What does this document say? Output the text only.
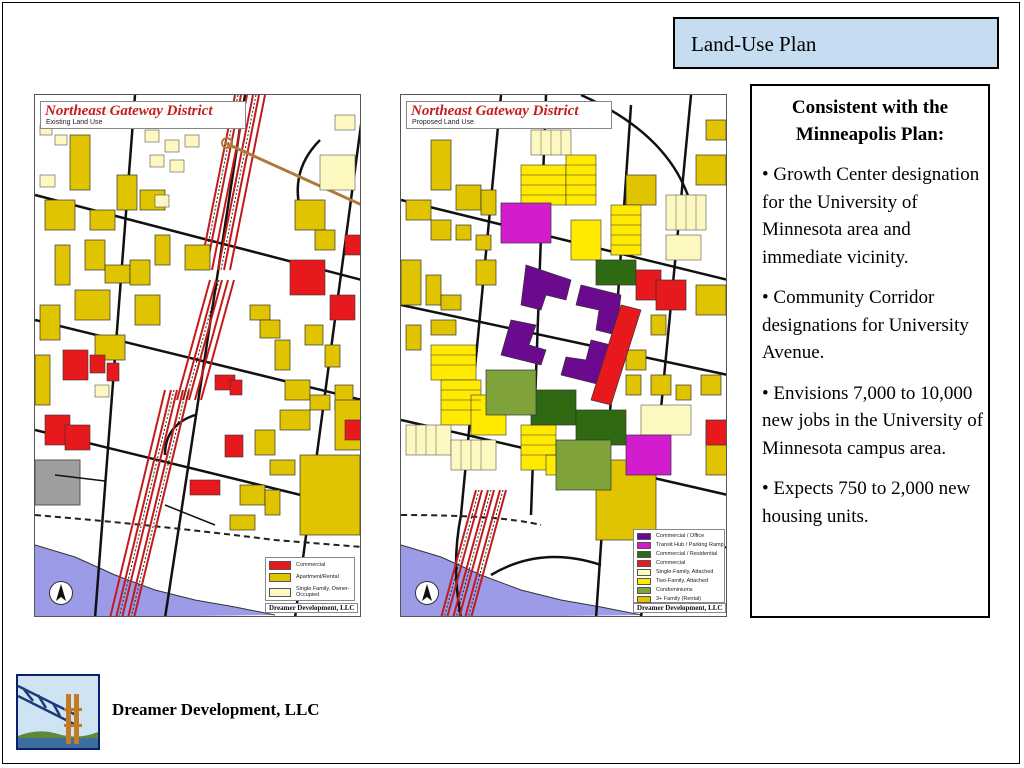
Land-Use Plan
Northeast Gateway District
Existing Land Use
Commercial
Apartment/Rental
Single Family, Owner-Occupied
Dreamer Development, LLC
Northeast Gateway District
Proposed Land Use
Commercial / Office
Transit Hub / Parking Ramp
Commercial / Residential
Commercial
Single-Family, Attached
Two-Family, Attached
Condominiums
3+ Family (Rental)
Dreamer Development, LLC
Consistent with the Minneapolis Plan:
• Growth Center designation for the University of Minnesota area and immediate vicinity.
• Community Corridor designations for University Avenue.
• Envisions 7,000 to 10,000 new jobs in the University of Minnesota campus area.
• Expects 750 to 2,000 new housing units.
Dreamer Development, LLC
